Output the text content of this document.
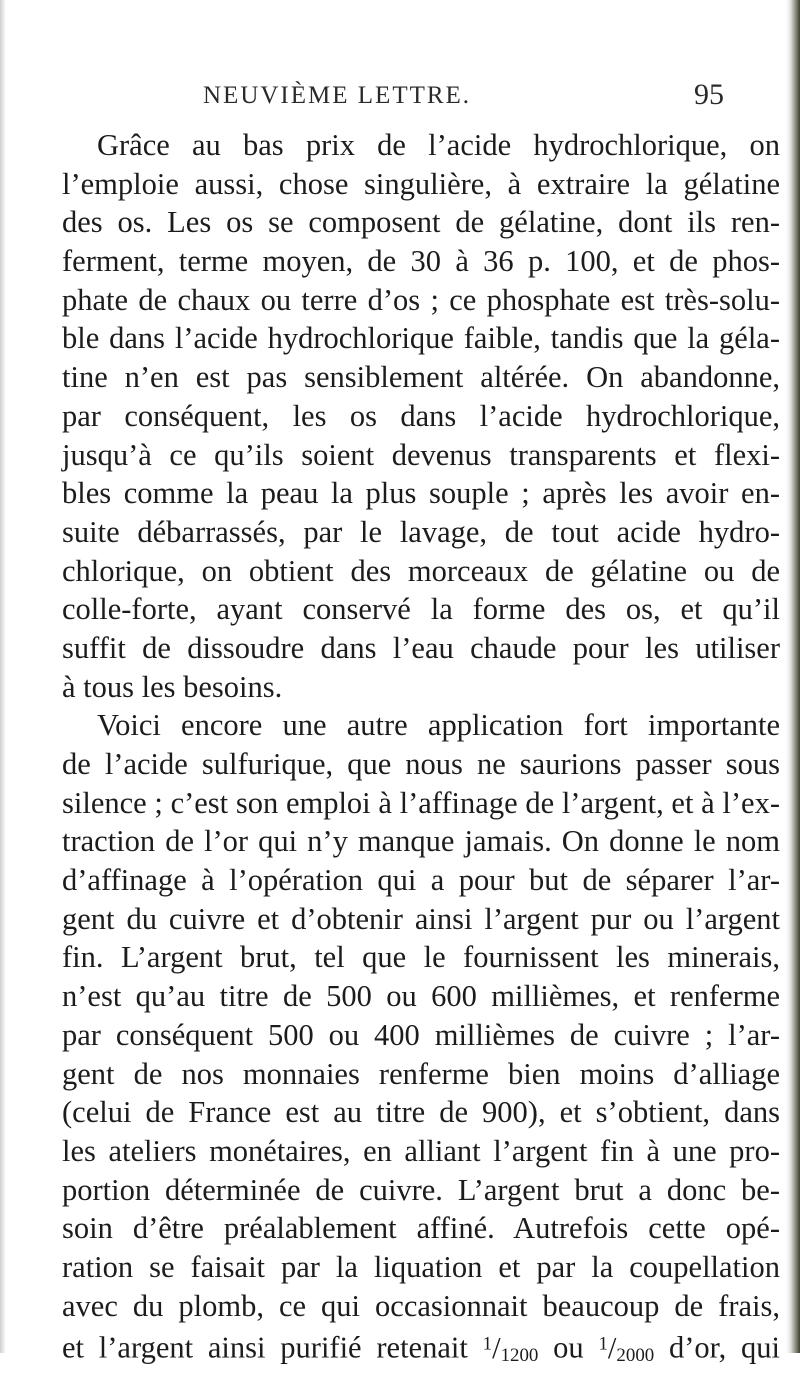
NEUVIÈME LETTRE.	95
Grâce au bas prix de l’acide hydrochlorique, on
l’emploie aussi, chose singulière, à extraire la gélatine
des os. Les os se composent de gélatine, dont ils ren-
ferment, terme moyen, de 30 à 36 p. 100, et de phos-
phate de chaux ou terre d’os ; ce phosphate est très-solu-
ble dans l’acide hydrochlorique faible, tandis que la géla-
tine n’en est pas sensiblement altérée. On abandonne,
par conséquent, les os dans l’acide hydrochlorique,
jusqu’à ce qu’ils soient devenus transparents et flexi-
bles comme la peau la plus souple ; après les avoir en-
suite débarrassés, par le lavage, de tout acide hydro-
chlorique, on obtient des morceaux de gélatine ou de
colle-forte, ayant conservé la forme des os, et qu’il
suffit de dissoudre dans l’eau chaude pour les utiliser
à tous les besoins.
Voici encore une autre application fort importante
de l’acide sulfurique, que nous ne saurions passer sous
silence ; c’est son emploi à l’affinage de l’argent, et à l’ex-
traction de l’or qui n’y manque jamais. On donne le nom
d’affinage à l’opération qui a pour but de séparer l’ar-
gent du cuivre et d’obtenir ainsi l’argent pur ou l’argent
fin. L’argent brut, tel que le fournissent les minerais,
n’est qu’au titre de 500 ou 600 millièmes, et renferme
par conséquent 500 ou 400 millièmes de cuivre ; l’ar-
gent de nos monnaies renferme bien moins d’alliage
(celui de France est au titre de 900), et s’obtient, dans
les ateliers monétaires, en alliant l’argent fin à une pro-
portion déterminée de cuivre. L’argent brut a donc be-
soin d’être préalablement affiné. Autrefois cette opé-
ration se faisait par la liquation et par la coupellation
avec du plomb, ce qui occasionnait beaucoup de frais,
et l’argent ainsi purifié retenait $^1$/1200 ou $^1$/2000 d’or, qui
